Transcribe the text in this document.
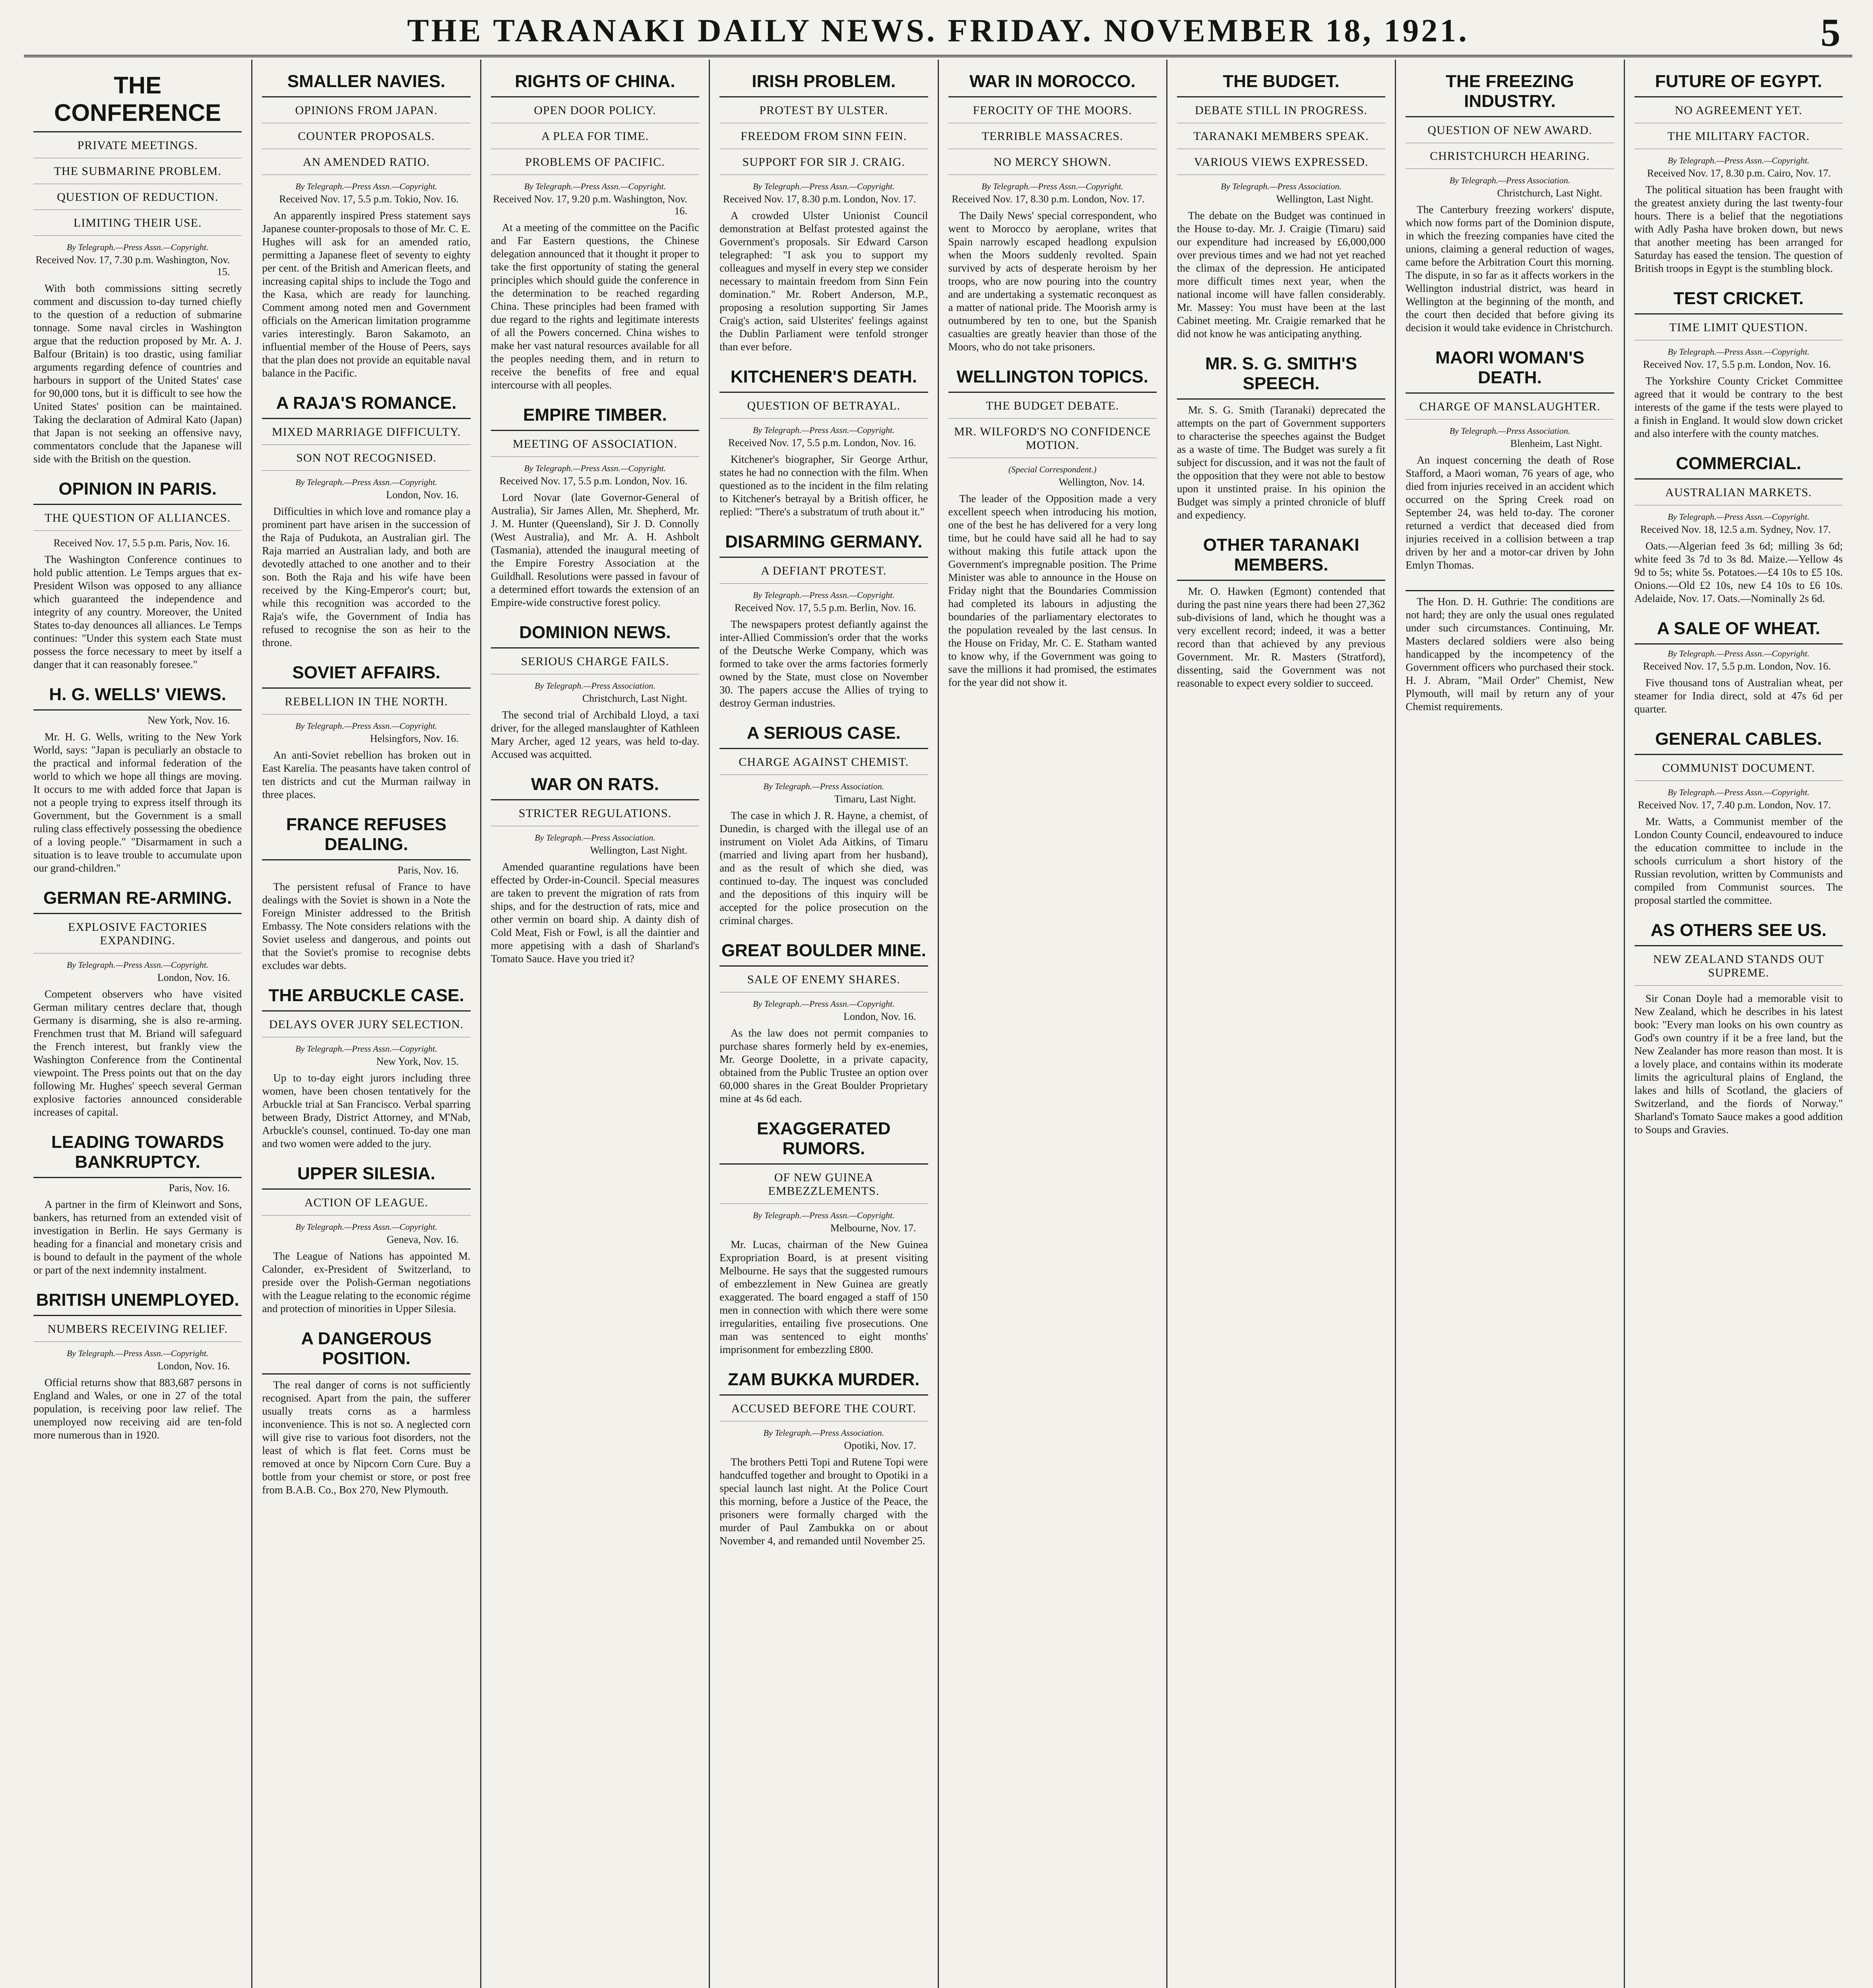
THE TARANAKI DAILY NEWS. FRIDAY. NOVEMBER 18, 1921.	5
THE CONFERENCE
PRIVATE MEETINGS.
THE SUBMARINE PROBLEM.
QUESTION OF REDUCTION.
LIMITING THEIR USE.
By Telegraph.—Press Assn.—Copyright.
Received Nov. 17, 7.30 p.m. Washington, Nov. 15.

With both commissions sitting secretly comment and discussion to-day turned chiefly to the question of a reduction of submarine tonnage. Some naval circles in Washington argue that the reduction proposed by Mr. A. J. Balfour (Britain) is too drastic, using familiar arguments regarding defence of countries and harbours in support of the United States' case for 90,000 tons, but it is difficult to see how the United States' position can be maintained. Taking the declaration of Admiral Kato (Japan) that Japan is not seeking an offensive navy, commentators conclude that the Japanese will side with the British on the question.

OPINION IN PARIS.
THE QUESTION OF ALLIANCES.
Received Nov. 17, 5.5 p.m. Paris, Nov. 16.

The Washington Conference continues to hold public attention. Le Temps argues that ex-President Wilson was opposed to any alliance which guaranteed the independence and integrity of any country. Moreover, the United States to-day denounces all alliances. Le Temps continues: "Under this system each State must possess the force necessary to meet by itself a danger that it can reasonably foresee."

H. G. WELLS' VIEWS.
New York, Nov. 16.

Mr. H. G. Wells, writing to the New York World, says: "Japan is peculiarly an obstacle to the practical and informal federation of the world to which we hope all things are moving. It occurs to me with added force that Japan is not a people trying to express itself through its Government, but the Government is a small ruling class effectively possessing the obedience of a loving people." "Disarmament in such a situation is to leave trouble to accumulate upon our grand-children."

GERMAN RE-ARMING.
EXPLOSIVE FACTORIES EXPANDING.
By Telegraph.—Press Assn.—Copyright.
London, Nov. 16.

Competent observers who have visited German military centres declare that, though Germany is disarming, she is also re-arming. Frenchmen trust that M. Briand will safeguard the French interest, but frankly view the Washington Conference from the Continental viewpoint. The Press points out that on the day following Mr. Hughes' speech several German explosive factories announced considerable increases of capital.

LEADING TOWARDS BANKRUPTCY.
Paris, Nov. 16.

A partner in the firm of Kleinwort and Sons, bankers, has returned from an extended visit of investigation in Berlin. He says Germany is heading for a financial and monetary crisis and is bound to default in the payment of the whole or part of the next indemnity instalment.

BRITISH UNEMPLOYED.
NUMBERS RECEIVING RELIEF.
By Telegraph.—Press Assn.—Copyright.
London, Nov. 16.

Official returns show that 883,687 persons in England and Wales, or one in 27 of the total population, is receiving poor law relief. The unemployed now receiving aid are ten-fold more numerous than in 1920.

SMALLER NAVIES.
OPINIONS FROM JAPAN.
COUNTER PROPOSALS.
AN AMENDED RATIO.
By Telegraph.—Press Assn.—Copyright.
Received Nov. 17, 5.5 p.m. Tokio, Nov. 16.

An apparently inspired Press statement says Japanese counter-proposals to those of Mr. C. E. Hughes will ask for an amended ratio, permitting a Japanese fleet of seventy to eighty per cent. of the British and American fleets, and increasing capital ships to include the Togo and the Kasa, which are ready for launching. Comment among noted men and Government officials on the American limitation programme varies interestingly. Baron Sakamoto, an influential member of the House of Peers, says that the plan does not provide an equitable naval balance in the Pacific.

A RAJA'S ROMANCE.
MIXED MARRIAGE DIFFICULTY.
SON NOT RECOGNISED.
By Telegraph.—Press Assn.—Copyright.
London, Nov. 16.

Difficulties in which love and romance play a prominent part have arisen in the succession of the Raja of Pudukota, an Australian girl. The Raja married an Australian lady, and both are devotedly attached to one another and to their son. Both the Raja and his wife have been received by the King-Emperor's court; but, while this recognition was accorded to the Raja's wife, the Government of India has refused to recognise the son as heir to the throne.

SOVIET AFFAIRS.
REBELLION IN THE NORTH.
By Telegraph.—Press Assn.—Copyright.
Helsingfors, Nov. 16.

An anti-Soviet rebellion has broken out in East Karelia. The peasants have taken control of ten districts and cut the Murman railway in three places.

FRANCE REFUSES DEALING.
Paris, Nov. 16.

The persistent refusal of France to have dealings with the Soviet is shown in a Note the Foreign Minister addressed to the British Embassy. The Note considers relations with the Soviet useless and dangerous, and points out that the Soviet's promise to recognise debts excludes war debts.

THE ARBUCKLE CASE.
DELAYS OVER JURY SELECTION.
By Telegraph.—Press Assn.—Copyright.
New York, Nov. 15.

Up to to-day eight jurors including three women, have been chosen tentatively for the Arbuckle trial at San Francisco. Verbal sparring between Brady, District Attorney, and M'Nab, Arbuckle's counsel, continued. To-day one man and two women were added to the jury.

UPPER SILESIA.
ACTION OF LEAGUE.
By Telegraph.—Press Assn.—Copyright.
Geneva, Nov. 16.

The League of Nations has appointed M. Calonder, ex-President of Switzerland, to preside over the Polish-German negotiations with the League relating to the economic régime and protection of minorities in Upper Silesia.

A DANGEROUS POSITION.

The real danger of corns is not sufficiently recognised. Apart from the pain, the sufferer usually treats corns as a harmless inconvenience. This is not so. A neglected corn will give rise to various foot disorders, not the least of which is flat feet. Corns must be removed at once by Nipcorn Corn Cure. Buy a bottle from your chemist or store, or post free from B.A.B. Co., Box 270, New Plymouth.

RIGHTS OF CHINA.
OPEN DOOR POLICY.
A PLEA FOR TIME.
PROBLEMS OF PACIFIC.
By Telegraph.—Press Assn.—Copyright.
Received Nov. 17, 9.20 p.m. Washington, Nov. 16.

At a meeting of the committee on the Pacific and Far Eastern questions, the Chinese delegation announced that it thought it proper to take the first opportunity of stating the general principles which should guide the conference in the determination to be reached regarding China. These principles had been framed with due regard to the rights and legitimate interests of all the Powers concerned. China wishes to make her vast natural resources available for all the peoples needing them, and in return to receive the benefits of free and equal intercourse with all peoples.

EMPIRE TIMBER.
MEETING OF ASSOCIATION.
By Telegraph.—Press Assn.—Copyright.
Received Nov. 17, 5.5 p.m. London, Nov. 16.

Lord Novar (late Governor-General of Australia), Sir James Allen, Mr. Shepherd, Mr. J. M. Hunter (Queensland), Sir J. D. Connolly (West Australia), and Mr. A. H. Ashbolt (Tasmania), attended the inaugural meeting of the Empire Forestry Association at the Guildhall. Resolutions were passed in favour of a determined effort towards the extension of an Empire-wide constructive forest policy.

DOMINION NEWS.
SERIOUS CHARGE FAILS.
By Telegraph.—Press Association.
Christchurch, Last Night.

The second trial of Archibald Lloyd, a taxi driver, for the alleged manslaughter of Kathleen Mary Archer, aged 12 years, was held to-day. Accused was acquitted.

WAR ON RATS.
STRICTER REGULATIONS.
By Telegraph.—Press Association.
Wellington, Last Night.

Amended quarantine regulations have been effected by Order-in-Council. Special measures are taken to prevent the migration of rats from ships, and for the destruction of rats, mice and other vermin on board ship. A dainty dish of Cold Meat, Fish or Fowl, is all the daintier and more appetising with a dash of Sharland's Tomato Sauce. Have you tried it?

IRISH PROBLEM.
PROTEST BY ULSTER.
FREEDOM FROM SINN FEIN.
SUPPORT FOR SIR J. CRAIG.
By Telegraph.—Press Assn.—Copyright.
Received Nov. 17, 8.30 p.m. London, Nov. 17.

A crowded Ulster Unionist Council demonstration at Belfast protested against the Government's proposals. Sir Edward Carson telegraphed: "I ask you to support my colleagues and myself in every step we consider necessary to maintain freedom from Sinn Fein domination." Mr. Robert Anderson, M.P., proposing a resolution supporting Sir James Craig's action, said Ulsterites' feelings against the Dublin Parliament were tenfold stronger than ever before.

KITCHENER'S DEATH.
QUESTION OF BETRAYAL.
By Telegraph.—Press Assn.—Copyright.
Received Nov. 17, 5.5 p.m. London, Nov. 16.

Kitchener's biographer, Sir George Arthur, states he had no connection with the film. When questioned as to the incident in the film relating to Kitchener's betrayal by a British officer, he replied: "There's a substratum of truth about it."

DISARMING GERMANY.
A DEFIANT PROTEST.
By Telegraph.—Press Assn.—Copyright.
Received Nov. 17, 5.5 p.m. Berlin, Nov. 16.

The newspapers protest defiantly against the inter-Allied Commission's order that the works of the Deutsche Werke Company, which was formed to take over the arms factories formerly owned by the State, must close on November 30. The papers accuse the Allies of trying to destroy German industries.

A SERIOUS CASE.
CHARGE AGAINST CHEMIST.
By Telegraph.—Press Association.
Timaru, Last Night.

The case in which J. R. Hayne, a chemist, of Dunedin, is charged with the illegal use of an instrument on Violet Ada Aitkins, of Timaru (married and living apart from her husband), and as the result of which she died, was continued to-day. The inquest was concluded and the depositions of this inquiry will be accepted for the police prosecution on the criminal charges.

GREAT BOULDER MINE.
SALE OF ENEMY SHARES.
By Telegraph.—Press Assn.—Copyright.
London, Nov. 16.

As the law does not permit companies to purchase shares formerly held by ex-enemies, Mr. George Doolette, in a private capacity, obtained from the Public Trustee an option over 60,000 shares in the Great Boulder Proprietary mine at 4s 6d each.

EXAGGERATED RUMORS.
OF NEW GUINEA EMBEZZLEMENTS.
By Telegraph.—Press Assn.—Copyright.
Melbourne, Nov. 17.

Mr. Lucas, chairman of the New Guinea Expropriation Board, is at present visiting Melbourne. He says that the suggested rumours of embezzlement in New Guinea are greatly exaggerated. The board engaged a staff of 150 men in connection with which there were some irregularities, entailing five prosecutions. One man was sentenced to eight months' imprisonment for embezzling £800.

ZAM BUKKA MURDER.
ACCUSED BEFORE THE COURT.
By Telegraph.—Press Association.
Opotiki, Nov. 17.

The brothers Petti Topi and Rutene Topi were handcuffed together and brought to Opotiki in a special launch last night. At the Police Court this morning, before a Justice of the Peace, the prisoners were formally charged with the murder of Paul Zambukka on or about November 4, and remanded until November 25.

WAR IN MOROCCO.
FEROCITY OF THE MOORS.
TERRIBLE MASSACRES.
NO MERCY SHOWN.
By Telegraph.—Press Assn.—Copyright.
Received Nov. 17, 8.30 p.m. London, Nov. 17.

The Daily News' special correspondent, who went to Morocco by aeroplane, writes that Spain narrowly escaped headlong expulsion when the Moors suddenly revolted. Spain survived by acts of desperate heroism by her troops, who are now pouring into the country and are undertaking a systematic reconquest as a matter of national pride. The Moorish army is outnumbered by ten to one, but the Spanish casualties are greatly heavier than those of the Moors, who do not take prisoners.

WELLINGTON TOPICS.
THE BUDGET DEBATE.
MR. WILFORD'S NO CONFIDENCE MOTION.
(Special Correspondent.)
Wellington, Nov. 14.

The leader of the Opposition made a very excellent speech when introducing his motion, one of the best he has delivered for a very long time, but he could have said all he had to say without making this futile attack upon the Government's impregnable position. The Prime Minister was able to announce in the House on Friday night that the Boundaries Commission had completed its labours in adjusting the boundaries of the parliamentary electorates to the population revealed by the last census. In the House on Friday, Mr. C. E. Statham wanted to know why, if the Government was going to save the millions it had promised, the estimates for the year did not show it.

THE BUDGET.
DEBATE STILL IN PROGRESS.
TARANAKI MEMBERS SPEAK.
VARIOUS VIEWS EXPRESSED.
By Telegraph.—Press Association.
Wellington, Last Night.

The debate on the Budget was continued in the House to-day. Mr. J. Craigie (Timaru) said our expenditure had increased by £6,000,000 over previous times and we had not yet reached the climax of the depression. He anticipated more difficult times next year, when the national income will have fallen considerably. Mr. Massey: You must have been at the last Cabinet meeting. Mr. Craigie remarked that he did not know he was anticipating anything.

MR. S. G. SMITH'S SPEECH.

Mr. S. G. Smith (Taranaki) deprecated the attempts on the part of Government supporters to characterise the speeches against the Budget as a waste of time. The Budget was surely a fit subject for discussion, and it was not the fault of the opposition that they were not able to bestow upon it unstinted praise. In his opinion the Budget was simply a printed chronicle of bluff and expediency.

OTHER TARANAKI MEMBERS.

Mr. O. Hawken (Egmont) contended that during the past nine years there had been 27,362 sub-divisions of land, which he thought was a very excellent record; indeed, it was a better record than that achieved by any previous Government. Mr. R. Masters (Stratford), dissenting, said the Government was not reasonable to expect every soldier to succeed.

THE FREEZING INDUSTRY.
QUESTION OF NEW AWARD.
CHRISTCHURCH HEARING.
By Telegraph.—Press Association.
Christchurch, Last Night.

The Canterbury freezing workers' dispute, which now forms part of the Dominion dispute, in which the freezing companies have cited the unions, claiming a general reduction of wages, came before the Arbitration Court this morning. The dispute, in so far as it affects workers in the Wellington industrial district, was heard in Wellington at the beginning of the month, and the court then decided that before giving its decision it would take evidence in Christchurch.

MAORI WOMAN'S DEATH.
CHARGE OF MANSLAUGHTER.
By Telegraph.—Press Association.
Blenheim, Last Night.

An inquest concerning the death of Rose Stafford, a Maori woman, 76 years of age, who died from injuries received in an accident which occurred on the Spring Creek road on September 24, was held to-day. The coroner returned a verdict that deceased died from injuries received in a collision between a trap driven by her and a motor-car driven by John Emlyn Thomas.

The Hon. D. H. Guthrie: The conditions are not hard; they are only the usual ones regulated under such circumstances. Continuing, Mr. Masters declared soldiers were also being handicapped by the incompetency of the Government officers who purchased their stock. H. J. Abram, "Mail Order" Chemist, New Plymouth, will mail by return any of your Chemist requirements.

FUTURE OF EGYPT.
NO AGREEMENT YET.
THE MILITARY FACTOR.
By Telegraph.—Press Assn.—Copyright.
Received Nov. 17, 8.30 p.m. Cairo, Nov. 17.

The political situation has been fraught with the greatest anxiety during the last twenty-four hours. There is a belief that the negotiations with Adly Pasha have broken down, but news that another meeting has been arranged for Saturday has eased the tension. The question of British troops in Egypt is the stumbling block.

TEST CRICKET.
TIME LIMIT QUESTION.
By Telegraph.—Press Assn.—Copyright.
Received Nov. 17, 5.5 p.m. London, Nov. 16.

The Yorkshire County Cricket Committee agreed that it would be contrary to the best interests of the game if the tests were played to a finish in England. It would slow down cricket and also interfere with the county matches.

COMMERCIAL.
AUSTRALIAN MARKETS.
By Telegraph.—Press Assn.—Copyright.
Received Nov. 18, 12.5 a.m. Sydney, Nov. 17.

Oats.—Algerian feed 3s 6d; milling 3s 6d; white feed 3s 7d to 3s 8d. Maize.—Yellow 4s 9d to 5s; white 5s. Potatoes.—£4 10s to £5 10s. Onions.—Old £2 10s, new £4 10s to £6 10s. Adelaide, Nov. 17. Oats.—Nominally 2s 6d.

A SALE OF WHEAT.
By Telegraph.—Press Assn.—Copyright.
Received Nov. 17, 5.5 p.m. London, Nov. 16.

Five thousand tons of Australian wheat, per steamer for India direct, sold at 47s 6d per quarter.

GENERAL CABLES.
COMMUNIST DOCUMENT.
By Telegraph.—Press Assn.—Copyright.
Received Nov. 17, 7.40 p.m. London, Nov. 17.

Mr. Watts, a Communist member of the London County Council, endeavoured to induce the education committee to include in the schools curriculum a short history of the Russian revolution, written by Communists and compiled from Communist sources. The proposal startled the committee.

AS OTHERS SEE US.
NEW ZEALAND STANDS OUT SUPREME.

Sir Conan Doyle had a memorable visit to New Zealand, which he describes in his latest book: "Every man looks on his own country as God's own country if it be a free land, but the New Zealander has more reason than most. It is a lovely place, and contains within its moderate limits the agricultural plains of England, the lakes and hills of Scotland, the glaciers of Switzerland, and the fiords of Norway." Sharland's Tomato Sauce makes a good addition to Soups and Gravies.
